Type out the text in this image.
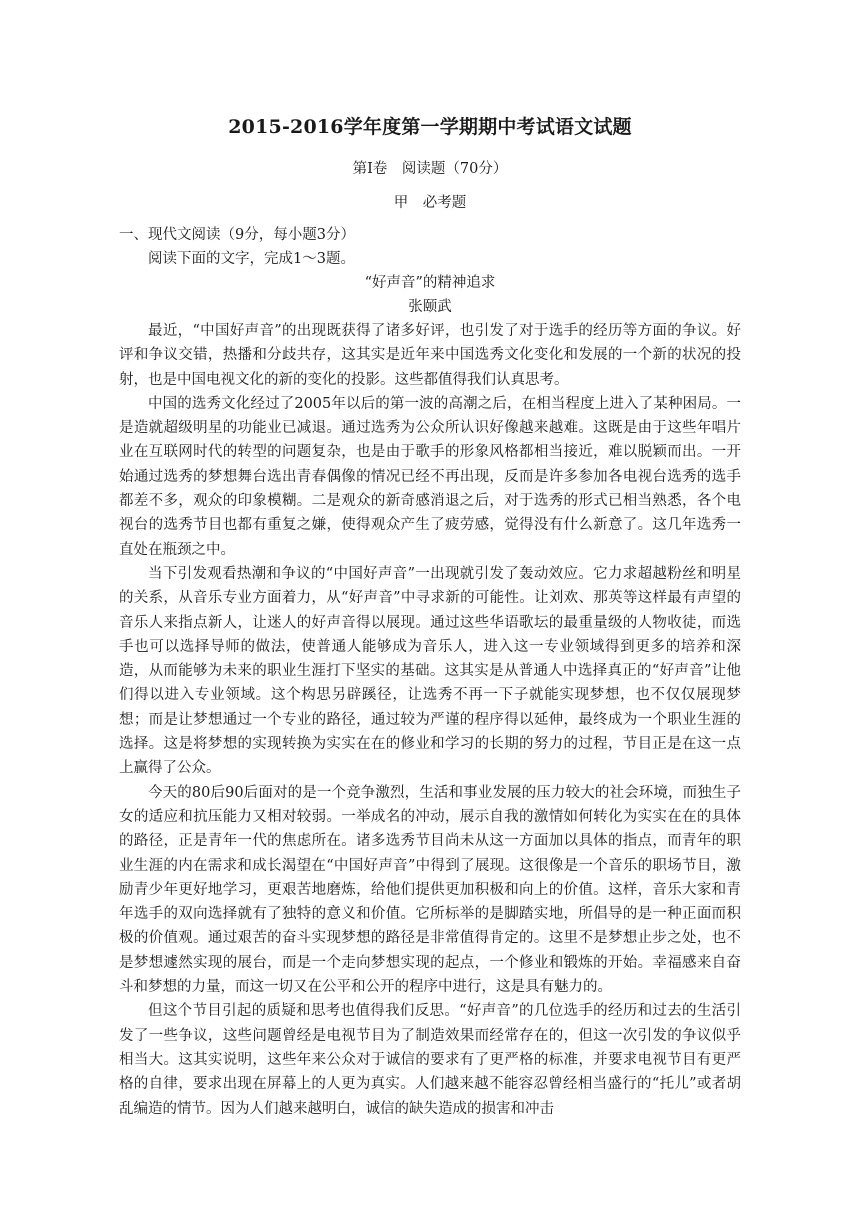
2015-2016学年度第一学期期中考试语文试题
第Ⅰ卷　阅读题（70分）
甲　必考题
一、现代文阅读（9分，每小题3分）
阅读下面的文字，完成1～3题。
“好声音”的精神追求
张颐武

最近，“中国好声音”的出现既获得了诸多好评，也引发了对于选手的经历等方面的争议。好评和争议交错，热播和分歧共存，这其实是近年来中国选秀文化变化和发展的一个新的状况的投射，也是中国电视文化的新的变化的投影。这些都值得我们认真思考。

中国的选秀文化经过了2005年以后的第一波的高潮之后，在相当程度上进入了某种困局。一是造就超级明星的功能业已减退。通过选秀为公众所认识好像越来越难。这既是由于这些年唱片业在互联网时代的转型的问题复杂，也是由于歌手的形象风格都相当接近，难以脱颖而出。一开始通过选秀的梦想舞台选出青春偶像的情况已经不再出现，反而是许多参加各电视台选秀的选手都差不多，观众的印象模糊。二是观众的新奇感消退之后，对于选秀的形式已相当熟悉，各个电视台的选秀节目也都有重复之嫌，使得观众产生了疲劳感，觉得没有什么新意了。这几年选秀一直处在瓶颈之中。

当下引发观看热潮和争议的“中国好声音”一出现就引发了轰动效应。它力求超越粉丝和明星的关系，从音乐专业方面着力，从“好声音”中寻求新的可能性。让刘欢、那英等这样最有声望的音乐人来指点新人，让迷人的好声音得以展现。通过这些华语歌坛的最重量级的人物收徒，而选手也可以选择导师的做法，使普通人能够成为音乐人，进入这一专业领域得到更多的培养和深造，从而能够为未来的职业生涯打下坚实的基础。这其实是从普通人中选择真正的“好声音”让他们得以进入专业领域。这个构思另辟蹊径，让选秀不再一下子就能实现梦想，也不仅仅展现梦想；而是让梦想通过一个专业的路径，通过较为严谨的程序得以延伸，最终成为一个职业生涯的选择。这是将梦想的实现转换为实实在在的修业和学习的长期的努力的过程，节目正是在这一点上赢得了公众。

今天的80后90后面对的是一个竞争激烈，生活和事业发展的压力较大的社会环境，而独生子女的适应和抗压能力又相对较弱。一举成名的冲动，展示自我的激情如何转化为实实在在的具体的路径，正是青年一代的焦虑所在。诸多选秀节目尚未从这一方面加以具体的指点，而青年的职业生涯的内在需求和成长渴望在“中国好声音”中得到了展现。这很像是一个音乐的职场节目，激励青少年更好地学习，更艰苦地磨炼，给他们提供更加积极和向上的价值。这样，音乐大家和青年选手的双向选择就有了独特的意义和价值。它所标举的是脚踏实地，所倡导的是一种正面而积极的价值观。通过艰苦的奋斗实现梦想的路径是非常值得肯定的。这里不是梦想止步之处，也不是梦想遽然实现的展台，而是一个走向梦想实现的起点，一个修业和锻炼的开始。幸福感来自奋斗和梦想的力量，而这一切又在公平和公开的程序中进行，这是具有魅力的。

但这个节目引起的质疑和思考也值得我们反思。“好声音”的几位选手的经历和过去的生活引发了一些争议，这些问题曾经是电视节目为了制造效果而经常存在的，但这一次引发的争议似乎相当大。这其实说明，这些年来公众对于诚信的要求有了更严格的标准，并要求电视节目有更严格的自律，要求出现在屏幕上的人更为真实。人们越来越不能容忍曾经相当盛行的“托儿”或者胡乱编造的情节。因为人们越来越明白，诚信的缺失造成的损害和冲击
